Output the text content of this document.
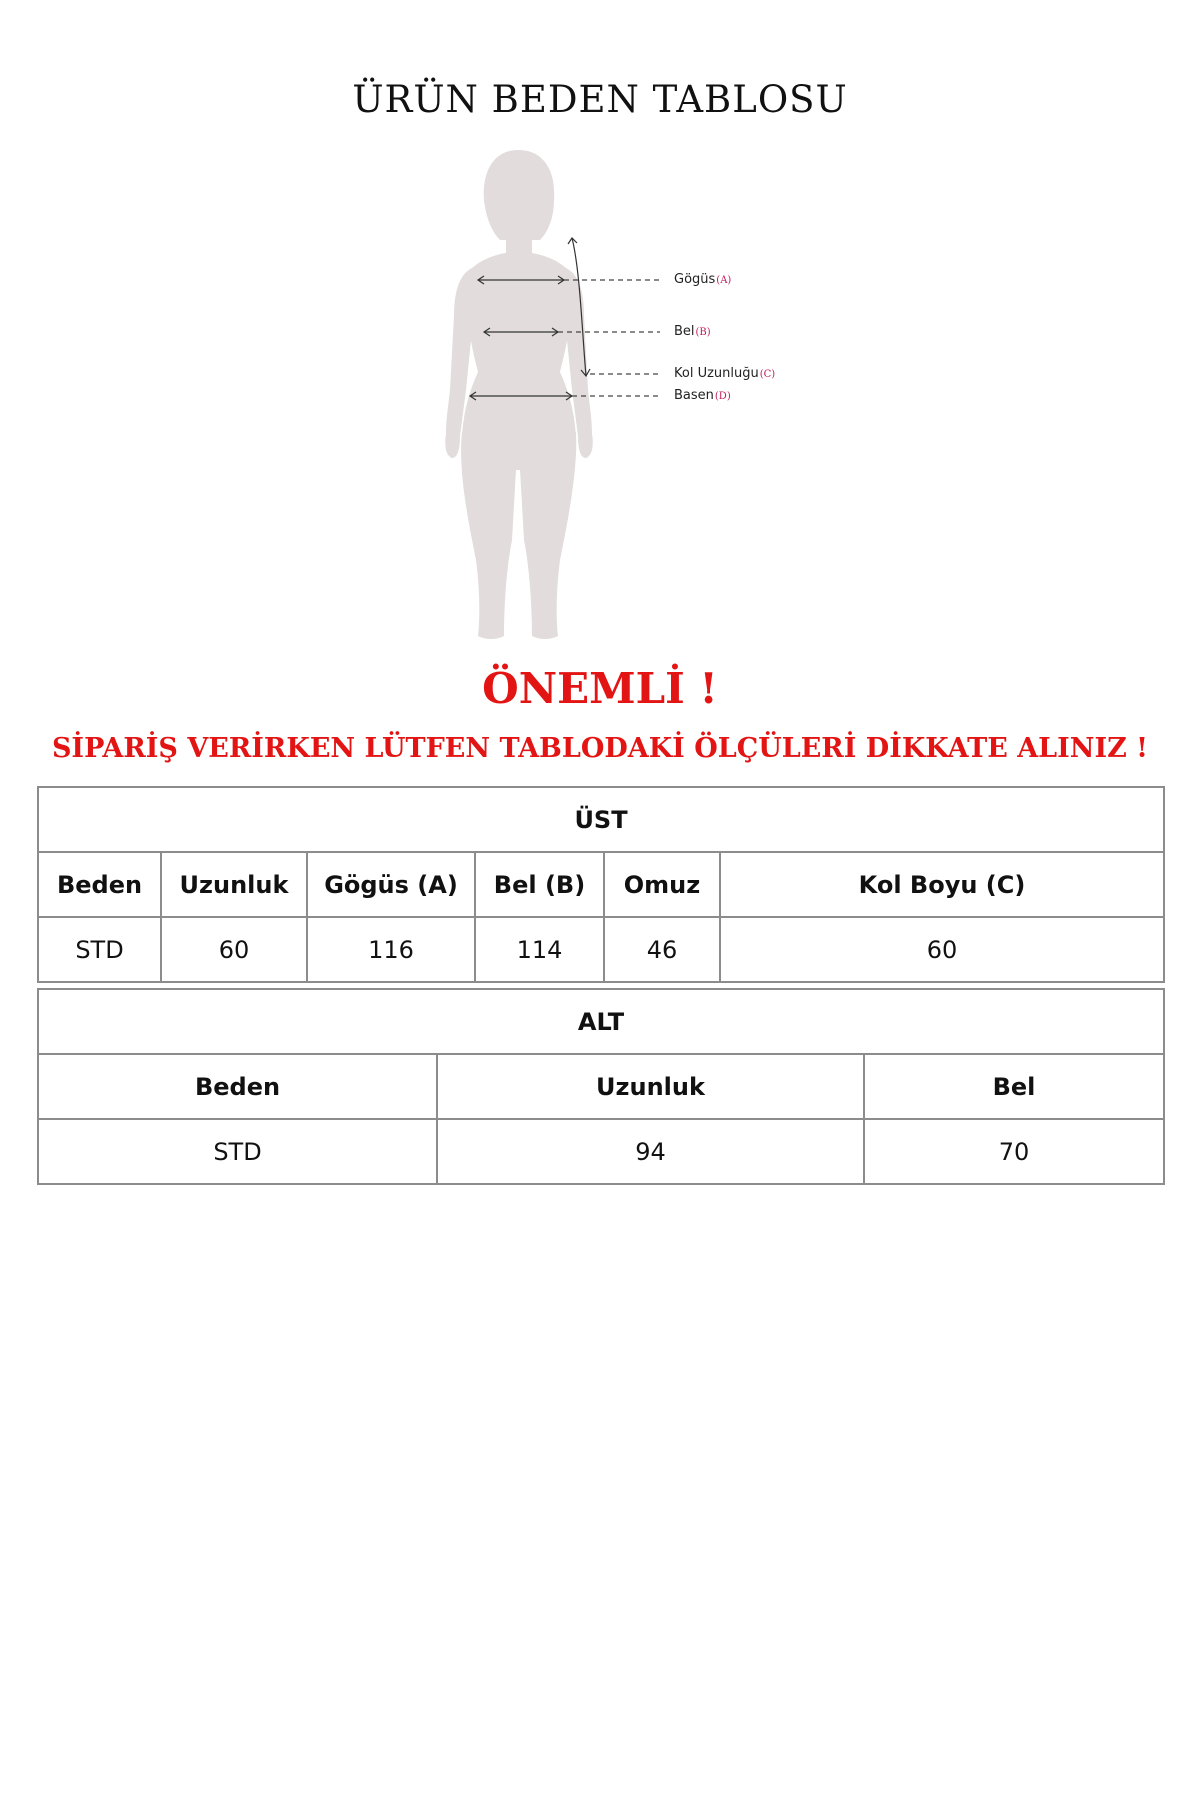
ÜRÜN BEDEN TABLOSU
Gögüs(A)
Bel(B)
Kol Uzunluğu(C)
Basen(D)
ÖNEMLİ !
SİPARİŞ VERİRKEN LÜTFEN TABLODAKİ ÖLÇÜLERİ DİKKATE ALINIZ !
ÜST					
Beden	Uzunluk	Gögüs (A)	Bel (B)	Omuz	Kol Boyu (C)
STD	60	116	114	46	60
ALT		
Beden	Uzunluk	Bel
STD	94	70
